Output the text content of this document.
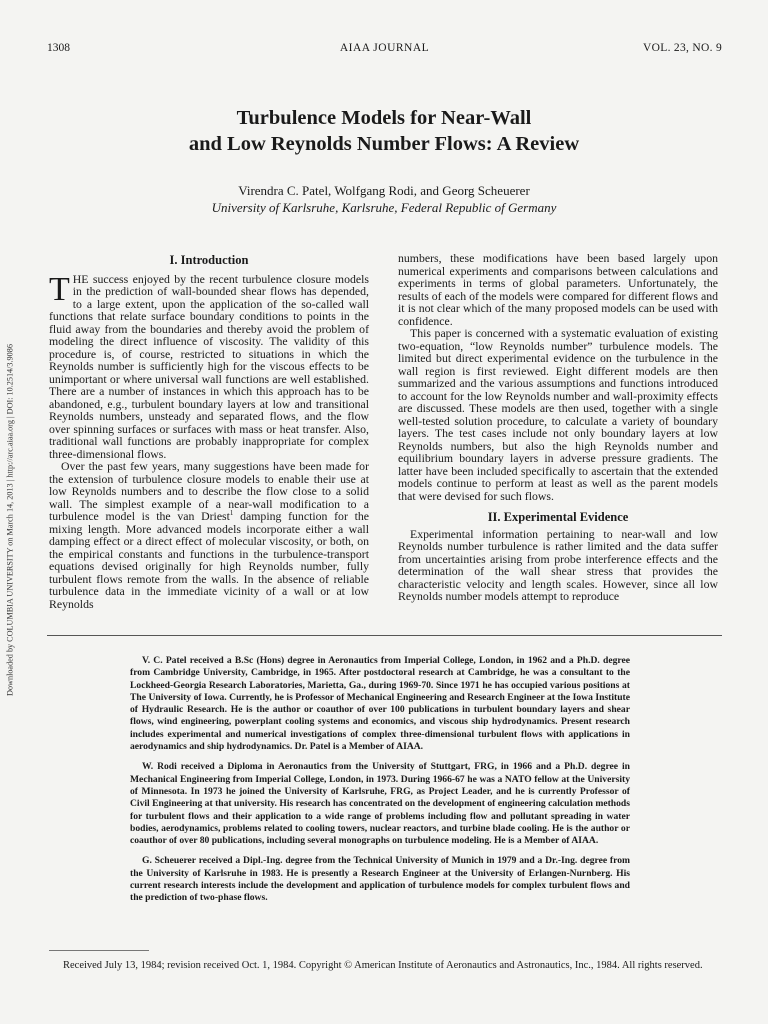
1308	AIAA JOURNAL	VOL. 23, NO. 9
Turbulence Models for Near-Wall
and Low Reynolds Number Flows: A Review
Virendra C. Patel, Wolfgang Rodi, and Georg Scheuerer
University of Karlsruhe, Karlsruhe, Federal Republic of Germany
Downloaded by COLUMBIA UNIVERSITY on March 14, 2013 | http://arc.aiaa.org | DOI: 10.2514/3.9086
I. Introduction

THE success enjoyed by the recent turbulence closure models in the prediction of wall-bounded shear flows has depended, to a large extent, upon the application of the so-called wall functions that relate surface boundary conditions to points in the fluid away from the boundaries and thereby avoid the problem of modeling the direct influence of viscosity. The validity of this procedure is, of course, restricted to situations in which the Reynolds number is sufficiently high for the viscous effects to be unimportant or where universal wall functions are well established. There are a number of instances in which this approach has to be abandoned, e.g., turbulent boundary layers at low and transitional Reynolds numbers, unsteady and separated flows, and the flow over spinning surfaces or surfaces with mass or heat transfer. Also, traditional wall functions are probably inappropriate for complex three-dimensional flows.

Over the past few years, many suggestions have been made for the extension of turbulence closure models to enable their use at low Reynolds numbers and to describe the flow close to a solid wall. The simplest example of a near-wall modification to a turbulence model is the van Driest$^1$ damping function for the mixing length. More advanced models incorporate either a wall damping effect or a direct effect of molecular viscosity, or both, on the empirical constants and functions in the turbulence-transport equations devised originally for high Reynolds number, fully turbulent flows remote from the walls. In the absence of reliable turbulence data in the immediate vicinity of a wall or at low Reynolds

numbers, these modifications have been based largely upon numerical experiments and comparisons between calculations and experiments in terms of global parameters. Unfortunately, the results of each of the models were compared for different flows and it is not clear which of the many proposed models can be used with confidence.

This paper is concerned with a systematic evaluation of existing two-equation, “low Reynolds number” turbulence models. The limited but direct experimental evidence on the turbulence in the wall region is first reviewed. Eight different models are then summarized and the various assumptions and functions introduced to account for the low Reynolds number and wall-proximity effects are discussed. These models are then used, together with a single well-tested solution procedure, to calculate a variety of boundary layers. The test cases include not only boundary layers at low Reynolds numbers, but also the high Reynolds number and equilibrium boundary layers in adverse pressure gradients. The latter have been included specifically to ascertain that the extended models continue to perform at least as well as the parent models that were devised for such flows.

II. Experimental Evidence

Experimental information pertaining to near-wall and low Reynolds number turbulence is rather limited and the data suffer from uncertainties arising from probe interference effects and the determination of the wall shear stress that provides the characteristic velocity and length scales. However, since all low Reynolds number models attempt to reproduce

V. C. Patel received a B.Sc (Hons) degree in Aeronautics from Imperial College, London, in 1962 and a Ph.D. degree from Cambridge University, Cambridge, in 1965. After postdoctoral research at Cambridge, he was a consultant to the Lockheed-Georgia Research Laboratories, Marietta, Ga., during 1969-70. Since 1971 he has occupied various positions at The University of Iowa. Currently, he is Professor of Mechanical Engineering and Research Engineer at the Iowa Institute of Hydraulic Research. He is the author or coauthor of over 100 publications in turbulent boundary layers and shear flows, wind engineering, powerplant cooling systems and economics, and viscous ship hydrodynamics. Present research includes experimental and numerical investigations of complex three-dimensional turbulent flows with applications in aerodynamics and ship hydrodynamics. Dr. Patel is a Member of AIAA.

W. Rodi received a Diploma in Aeronautics from the University of Stuttgart, FRG, in 1966 and a Ph.D. degree in Mechanical Engineering from Imperial College, London, in 1973. During 1966-67 he was a NATO fellow at the University of Minnesota. In 1973 he joined the University of Karlsruhe, FRG, as Project Leader, and he is currently Professor of Civil Engineering at that university. His research has concentrated on the development of engineering calculation methods for turbulent flows and their application to a wide range of problems including flow and pollutant spreading in water bodies, aerodynamics, problems related to cooling towers, nuclear reactors, and turbine blade cooling. He is the author or coauthor of over 80 publications, including several monographs on turbulence modeling. He is a Member of AIAA.

G. Scheuerer received a Dipl.-Ing. degree from the Technical University of Munich in 1979 and a Dr.-Ing. degree from the University of Karlsruhe in 1983. He is presently a Research Engineer at the University of Erlangen-Nurnberg. His current research interests include the development and application of turbulence models for complex turbulent flows and the prediction of two-phase flows.

Received July 13, 1984; revision received Oct. 1, 1984. Copyright © American Institute of Aeronautics and Astronautics, Inc., 1984. All rights reserved.
